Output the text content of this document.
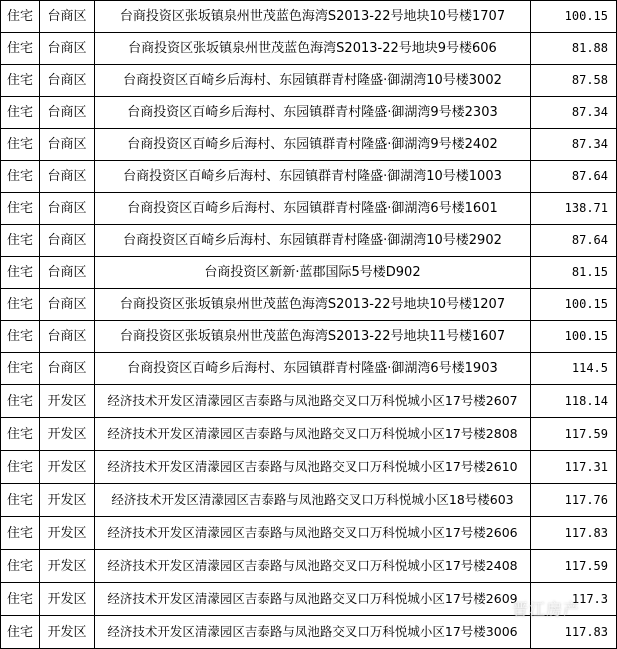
住宅	台商区	台商投资区张坂镇泉州世茂蓝色海湾S2013-22号地块10号楼1707	100.15
住宅	台商区	台商投资区张坂镇泉州世茂蓝色海湾S2013-22号地块9号楼606	81.88
住宅	台商区	台商投资区百崎乡后海村、东园镇群青村隆盛·御湖湾10号楼3002	87.58
住宅	台商区	台商投资区百崎乡后海村、东园镇群青村隆盛·御湖湾9号楼2303	87.34
住宅	台商区	台商投资区百崎乡后海村、东园镇群青村隆盛·御湖湾9号楼2402	87.34
住宅	台商区	台商投资区百崎乡后海村、东园镇群青村隆盛·御湖湾10号楼1003	87.64
住宅	台商区	台商投资区百崎乡后海村、东园镇群青村隆盛·御湖湾6号楼1601	138.71
住宅	台商区	台商投资区百崎乡后海村、东园镇群青村隆盛·御湖湾10号楼2902	87.64
住宅	台商区	台商投资区新新·蓝郡国际5号楼D902	81.15
住宅	台商区	台商投资区张坂镇泉州世茂蓝色海湾S2013-22号地块10号楼1207	100.15
住宅	台商区	台商投资区张坂镇泉州世茂蓝色海湾S2013-22号地块11号楼1607	100.15
住宅	台商区	台商投资区百崎乡后海村、东园镇群青村隆盛·御湖湾6号楼1903	114.5
住宅	开发区	经济技术开发区清濛园区吉泰路与凤池路交叉口万科悦城小区17号楼2607	118.14
住宅	开发区	经济技术开发区清濛园区吉泰路与凤池路交叉口万科悦城小区17号楼2808	117.59
住宅	开发区	经济技术开发区清濛园区吉泰路与凤池路交叉口万科悦城小区17号楼2610	117.31
住宅	开发区	经济技术开发区清濛园区吉泰路与凤池路交叉口万科悦城小区18号楼603	117.76
住宅	开发区	经济技术开发区清濛园区吉泰路与凤池路交叉口万科悦城小区17号楼2606	117.83
住宅	开发区	经济技术开发区清濛园区吉泰路与凤池路交叉口万科悦城小区17号楼2408	117.59
住宅	开发区	经济技术开发区清濛园区吉泰路与凤池路交叉口万科悦城小区17号楼2609	117.3
住宅	开发区	经济技术开发区清濛园区吉泰路与凤池路交叉口万科悦城小区17号楼3006	117.83
晋江房产
